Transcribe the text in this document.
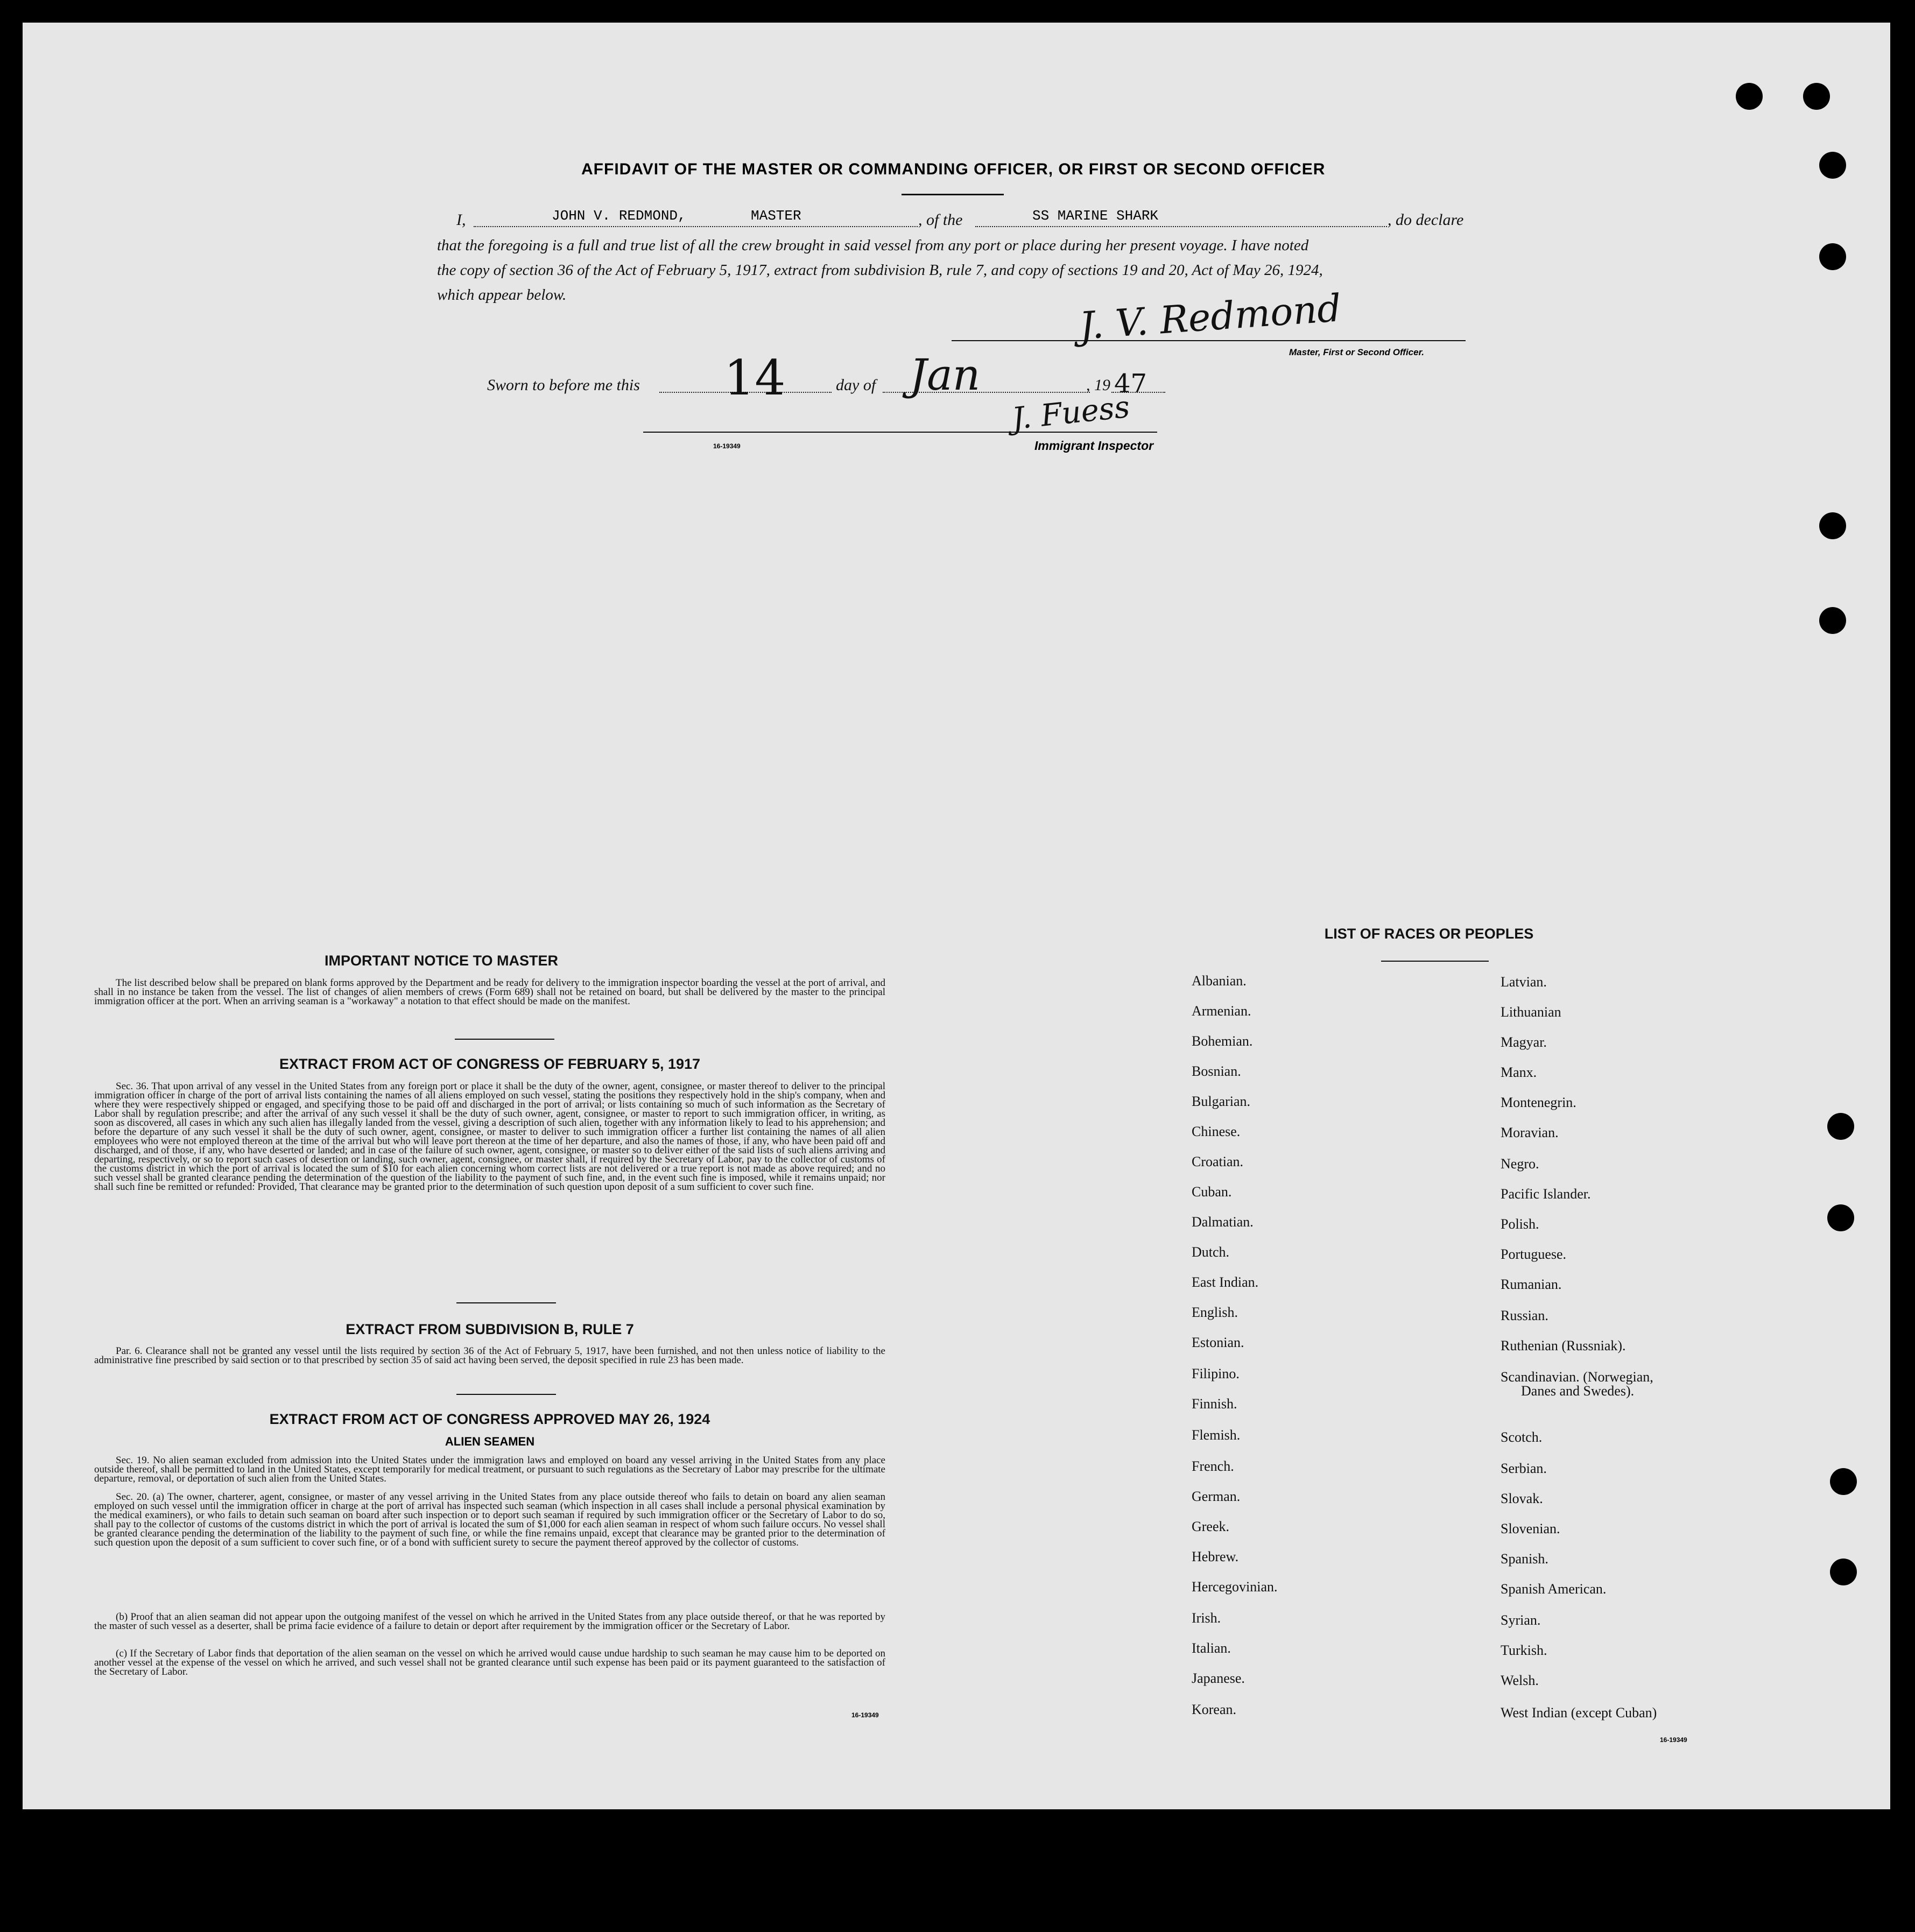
AFFIDAVIT OF THE MASTER OR COMMANDING OFFICER, OR FIRST OR SECOND OFFICER
I,	JOHN V. REDMOND,	MASTER	, of the	SS MARINE SHARK	, do declare
that the foregoing is a full and true list of all the crew brought in said vessel from any port or place during her present voyage. I have noted
the copy of section 36 of the Act of February 5, 1917, extract from subdivision B, rule 7, and copy of sections 19 and 20, Act of May 26, 1924,
which appear below.	J. V. Redmond
Master, First or Second Officer.
Sworn to before me this 14	day of Jan	, 19 47
J. Fuess
16-19349	Immigrant Inspector
IMPORTANT NOTICE TO MASTER
The list described below shall be prepared on blank forms approved by the Department and be ready for delivery to the immigration inspector boarding the vessel at the port of arrival, and shall in no instance be taken from the vessel. The list of changes of alien members of crews (Form 689) shall not be retained on board, but shall be delivered by the master to the principal immigration officer at the port. When an arriving seaman is a "workaway" a notation to that effect should be made on the manifest.
EXTRACT FROM ACT OF CONGRESS OF FEBRUARY 5, 1917
Sec. 36. That upon arrival of any vessel in the United States from any foreign port or place it shall be the duty of the owner, agent, consignee, or master thereof to deliver to the principal immigration officer in charge of the port of arrival lists containing the names of all aliens employed on such vessel, stating the positions they respectively hold in the ship's company, when and where they were respectively shipped or engaged, and specifying those to be paid off and discharged in the port of arrival; or lists containing so much of such information as the Secretary of Labor shall by regulation prescribe; and after the arrival of any such vessel it shall be the duty of such owner, agent, consignee, or master to report to such immigration officer, in writing, as soon as discovered, all cases in which any such alien has illegally landed from the vessel, giving a description of such alien, together with any information likely to lead to his apprehension; and before the departure of any such vessel it shall be the duty of such owner, agent, consignee, or master to deliver to such immigration officer a further list containing the names of all alien employees who were not employed thereon at the time of the arrival but who will leave port thereon at the time of her departure, and also the names of those, if any, who have been paid off and discharged, and of those, if any, who have deserted or landed; and in case of the failure of such owner, agent, consignee, or master so to deliver either of the said lists of such aliens arriving and departing, respectively, or so to report such cases of desertion or landing, such owner, agent, consignee, or master shall, if required by the Secretary of Labor, pay to the collector of customs of the customs district in which the port of arrival is located the sum of $10 for each alien concerning whom correct lists are not delivered or a true report is not made as above required; and no such vessel shall be granted clearance pending the determination of the question of the liability to the payment of such fine, and, in the event such fine is imposed, while it remains unpaid; nor shall such fine be remitted or refunded: Provided, That clearance may be granted prior to the determination of such question upon deposit of a sum sufficient to cover such fine.
EXTRACT FROM SUBDIVISION B, RULE 7
Par. 6. Clearance shall not be granted any vessel until the lists required by section 36 of the Act of February 5, 1917, have been furnished, and not then unless notice of liability to the administrative fine prescribed by said section or to that prescribed by section 35 of said act having been served, the deposit specified in rule 23 has been made.
EXTRACT FROM ACT OF CONGRESS APPROVED MAY 26, 1924
ALIEN SEAMEN
Sec. 19. No alien seaman excluded from admission into the United States under the immigration laws and employed on board any vessel arriving in the United States from any place outside thereof, shall be permitted to land in the United States, except temporarily for medical treatment, or pursuant to such regulations as the Secretary of Labor may prescribe for the ultimate departure, removal, or deportation of such alien from the United States.
Sec. 20. (a) The owner, charterer, agent, consignee, or master of any vessel arriving in the United States from any place outside thereof who fails to detain on board any alien seaman employed on such vessel until the immigration officer in charge at the port of arrival has inspected such seaman (which inspection in all cases shall include a personal physical examination by the medical examiners), or who fails to detain such seaman on board after such inspection or to deport such seaman if required by such immigration officer or the Secretary of Labor to do so, shall pay to the collector of customs of the customs district in which the port of arrival is located the sum of $1,000 for each alien seaman in respect of whom such failure occurs. No vessel shall be granted clearance pending the determination of the liability to the payment of such fine, or while the fine remains unpaid, except that clearance may be granted prior to the determination of such question upon the deposit of a sum sufficient to cover such fine, or of a bond with sufficient surety to secure the payment thereof approved by the collector of customs.
(b) Proof that an alien seaman did not appear upon the outgoing manifest of the vessel on which he arrived in the United States from any place outside thereof, or that he was reported by the master of such vessel as a deserter, shall be prima facie evidence of a failure to detain or deport after requirement by the immigration officer or the Secretary of Labor.
(c) If the Secretary of Labor finds that deportation of the alien seaman on the vessel on which he arrived would cause undue hardship to such seaman he may cause him to be deported on another vessel at the expense of the vessel on which he arrived, and such vessel shall not be granted clearance until such expense has been paid or its payment guaranteed to the satisfaction of the Secretary of Labor.
16-19349
LIST OF RACES OR PEOPLES
Albanian.
Armenian.
Bohemian.
Bosnian.
Bulgarian.
Chinese.
Croatian.
Cuban.
Dalmatian.
Dutch.
East Indian.
English.
Estonian.
Filipino.
Finnish.
Flemish.
French.
German.
Greek.
Hebrew.
Hercegovinian.
Irish.
Italian.
Japanese.
Korean.
Latvian.
Lithuanian
Magyar.
Manx.
Montenegrin.
Moravian.
Negro.
Pacific Islander.
Polish.
Portuguese.
Rumanian.
Russian.
Ruthenian (Russniak).
Scandinavian. (Norwegian,
Danes and Swedes).
Scotch.
Serbian.
Slovak.
Slovenian.
Spanish.
Spanish American.
Syrian.
Turkish.
Welsh.
West Indian (except Cuban)
16-19349
